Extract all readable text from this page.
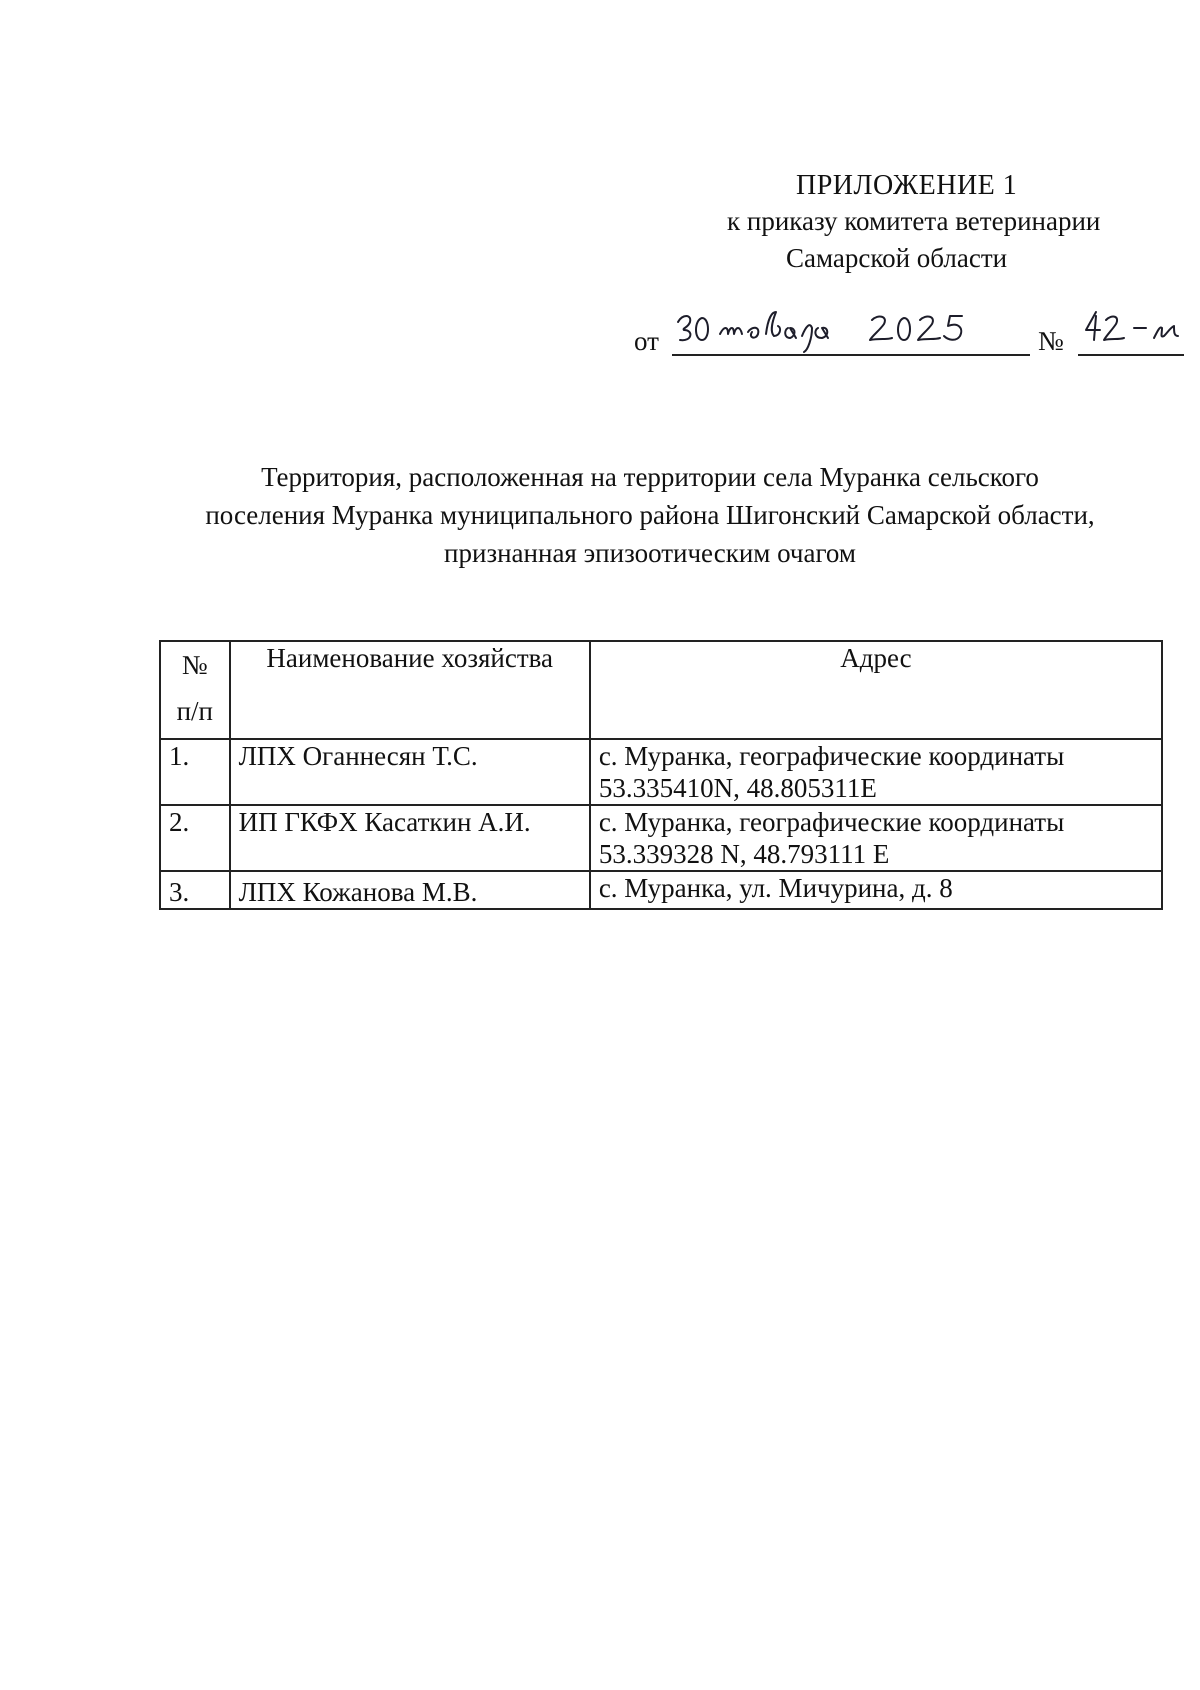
ПРИЛОЖЕНИЕ 1
к приказу комитета ветеринарии
Самарской области
от	№

Территория, расположенная на территории села Муранка сельского

поселения Муранка муниципального района Шигонский Самарской области,

признанная эпизоотическим очагом

№
п/п	Наименование хозяйства	Адрес
1.	ЛПХ Оганнесян Т.С.	с. Муранка, географические координаты
53.335410N, 48.805311E

2.	ИП ГКФХ Касаткин А.И.	с. Муранка, географические координаты
53.339328 N, 48.793111 E

3.	ЛПХ Кожанова М.В.	с. Муранка, ул. Мичурина, д. 8
